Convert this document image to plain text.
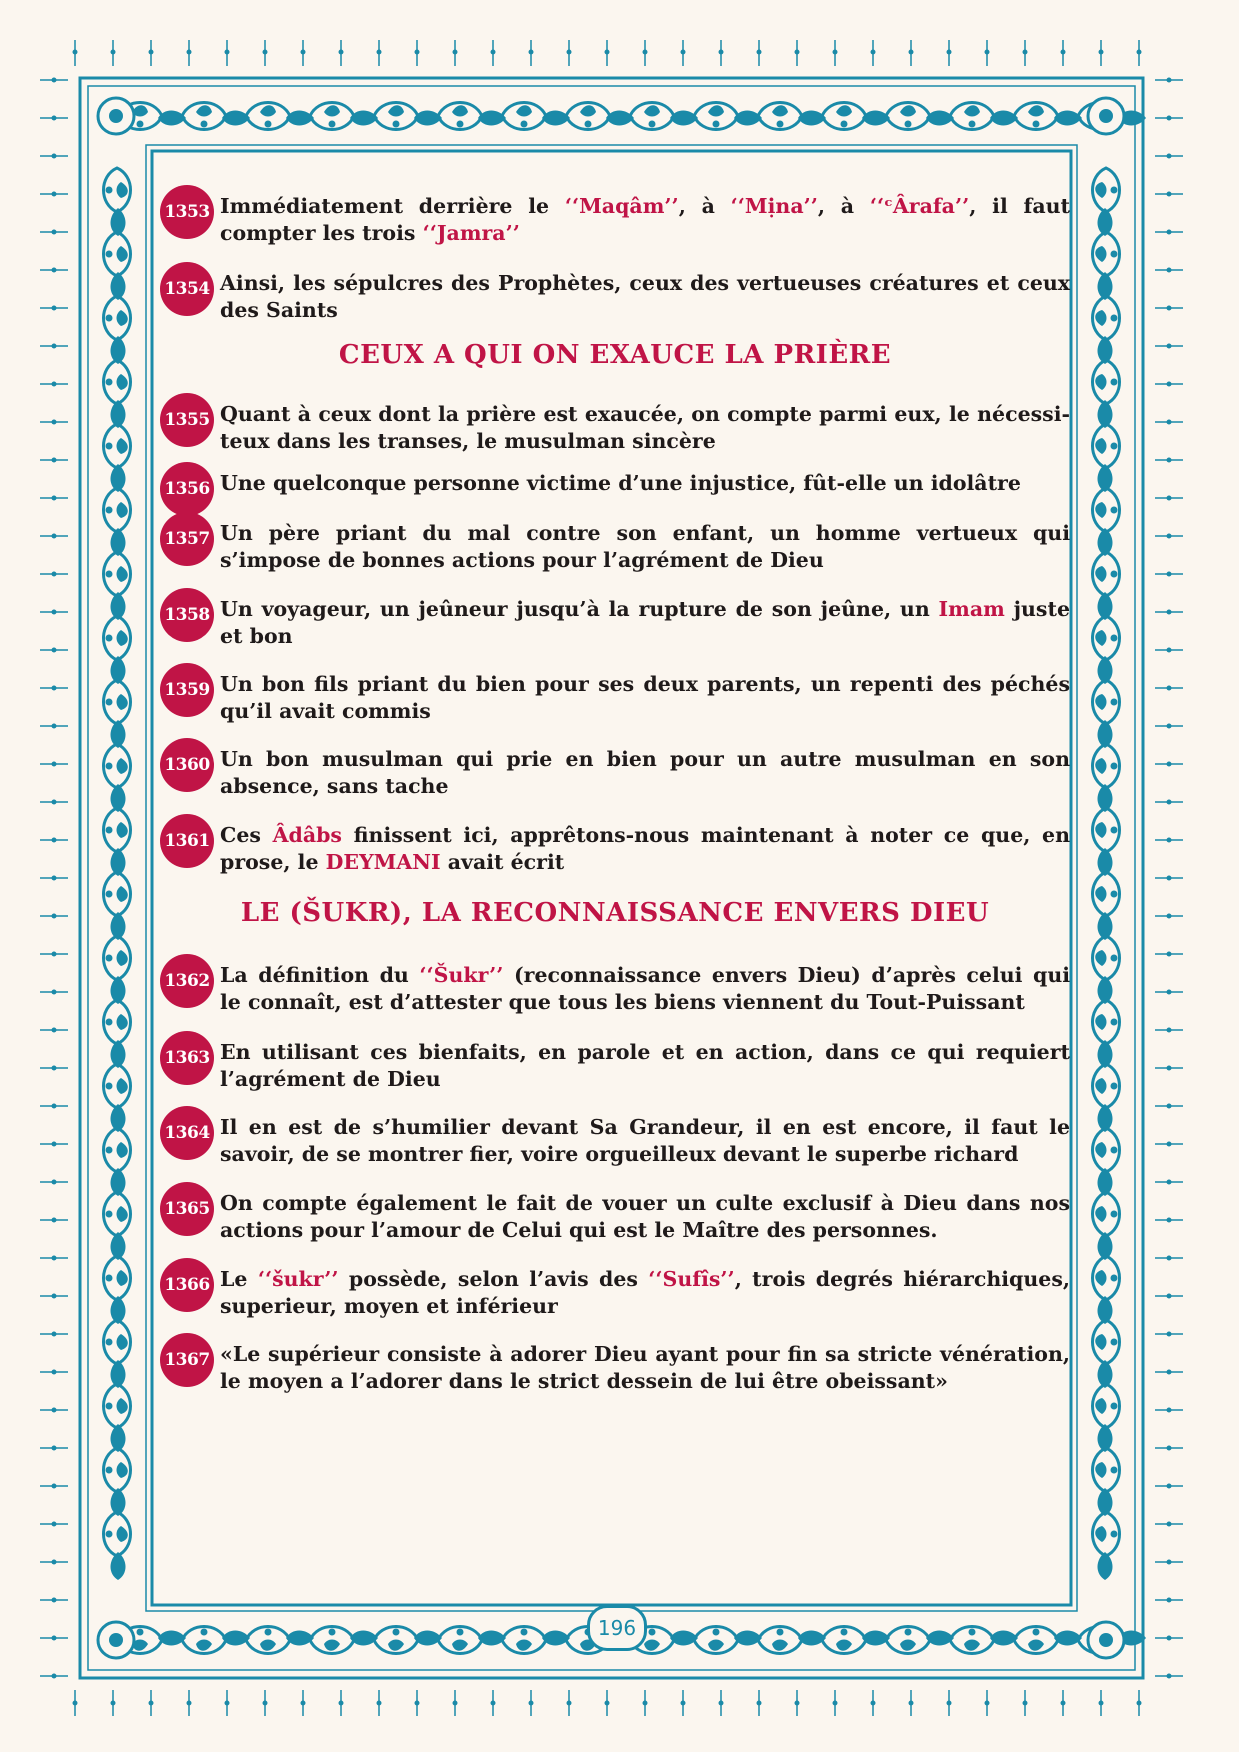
1353 Immédiatement derrière le ‘‘Maqâm’’, à ‘‘Mịna’’, à ‘‘ᶜÂrafa’’, il faut
compter les trois ‘‘Jamra’’
1354 Ainsi, les sépulcres des Prophètes, ceux des vertueuses créatures et ceux
des Saints
1355 Quant à ceux dont la prière est exaucée, on compte parmi eux, le nécessi-
teux dans les transes, le musulman sincère
1356 Une quelconque personne victime d’une injustice, fût-elle un idolâtre
1357 Un père priant du mal contre son enfant, un homme vertueux qui
s’impose de bonnes actions pour l’agrément de Dieu
1358 Un voyageur, un jeûneur jusqu’à la rupture de son jeûne, un Imam juste
et bon
1359 Un bon fils priant du bien pour ses deux parents, un repenti des péchés
qu’il avait commis
1360 Un bon musulman qui prie en bien pour un autre musulman en son
absence, sans tache
1361 Ces Âdâbs finissent ici, apprêtons-nous maintenant à noter ce que, en
prose, le DEYMANI avait écrit
1362 La définition du ‘‘Šukr’’ (reconnaissance envers Dieu) d’après celui qui
le connaît, est d’attester que tous les biens viennent du Tout-Puissant
1363 En utilisant ces bienfaits, en parole et en action, dans ce qui requiert
l’agrément de Dieu
1364 Il en est de s’humilier devant Sa Grandeur, il en est encore, il faut le
savoir, de se montrer fier, voire orgueilleux devant le superbe richard
1365 On compte également le fait de vouer un culte exclusif à Dieu dans nos
actions pour l’amour de Celui qui est le Maître des personnes.
1366 Le ‘‘šukr’’ possède, selon l’avis des ‘‘Sufîs’’, trois degrés hiérarchiques,
superieur, moyen et inférieur
1367 «Le supérieur consiste à adorer Dieu ayant pour fin sa stricte vénération,
le moyen a l’adorer dans le strict dessein de lui être obeissant»
CEUX A QUI ON EXAUCE LA PRIÈRE
LE (ŠUKR), LA RECONNAISSANCE ENVERS DIEU
196
